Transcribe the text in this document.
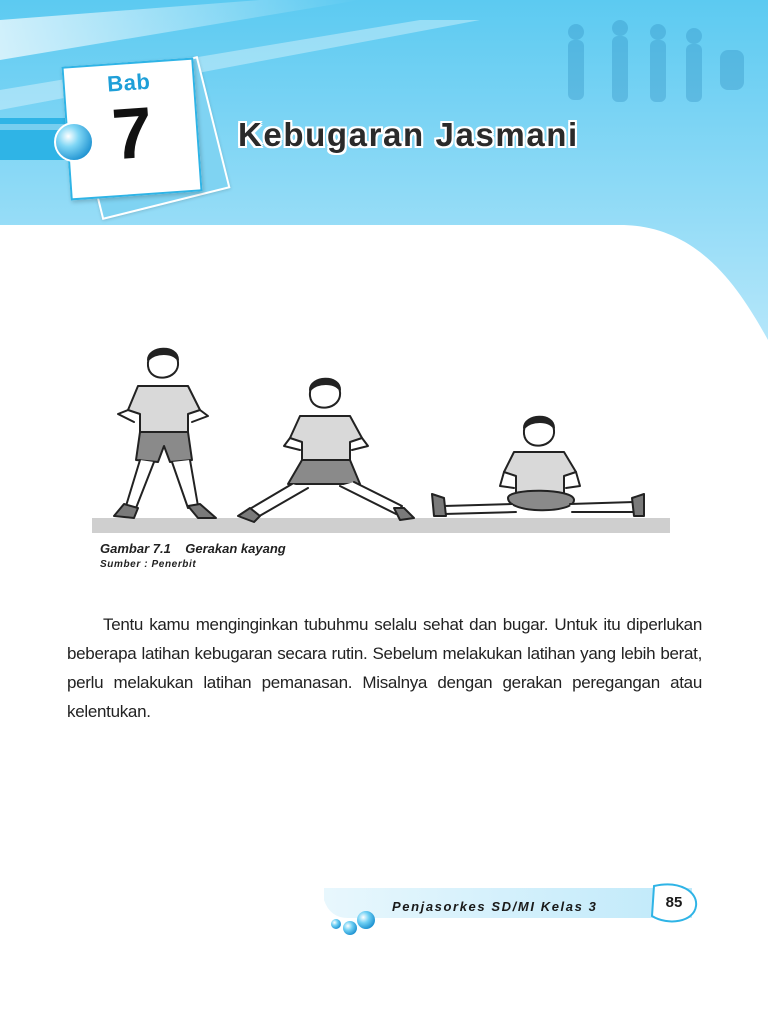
Bab
7	Kebugaran Jasmani
Gambar 7.1 Gerakan kayang
Sumber : Penerbit

Tentu kamu menginginkan tubuhmu selalu sehat dan bugar. Untuk itu diperlukan beberapa latihan kebugaran secara rutin. Sebelum melakukan latihan yang lebih berat, perlu melakukan latihan pemanasan. Misalnya dengan gerakan peregangan atau kelentukan.

Penjasorkes SD/MI Kelas 3	85
